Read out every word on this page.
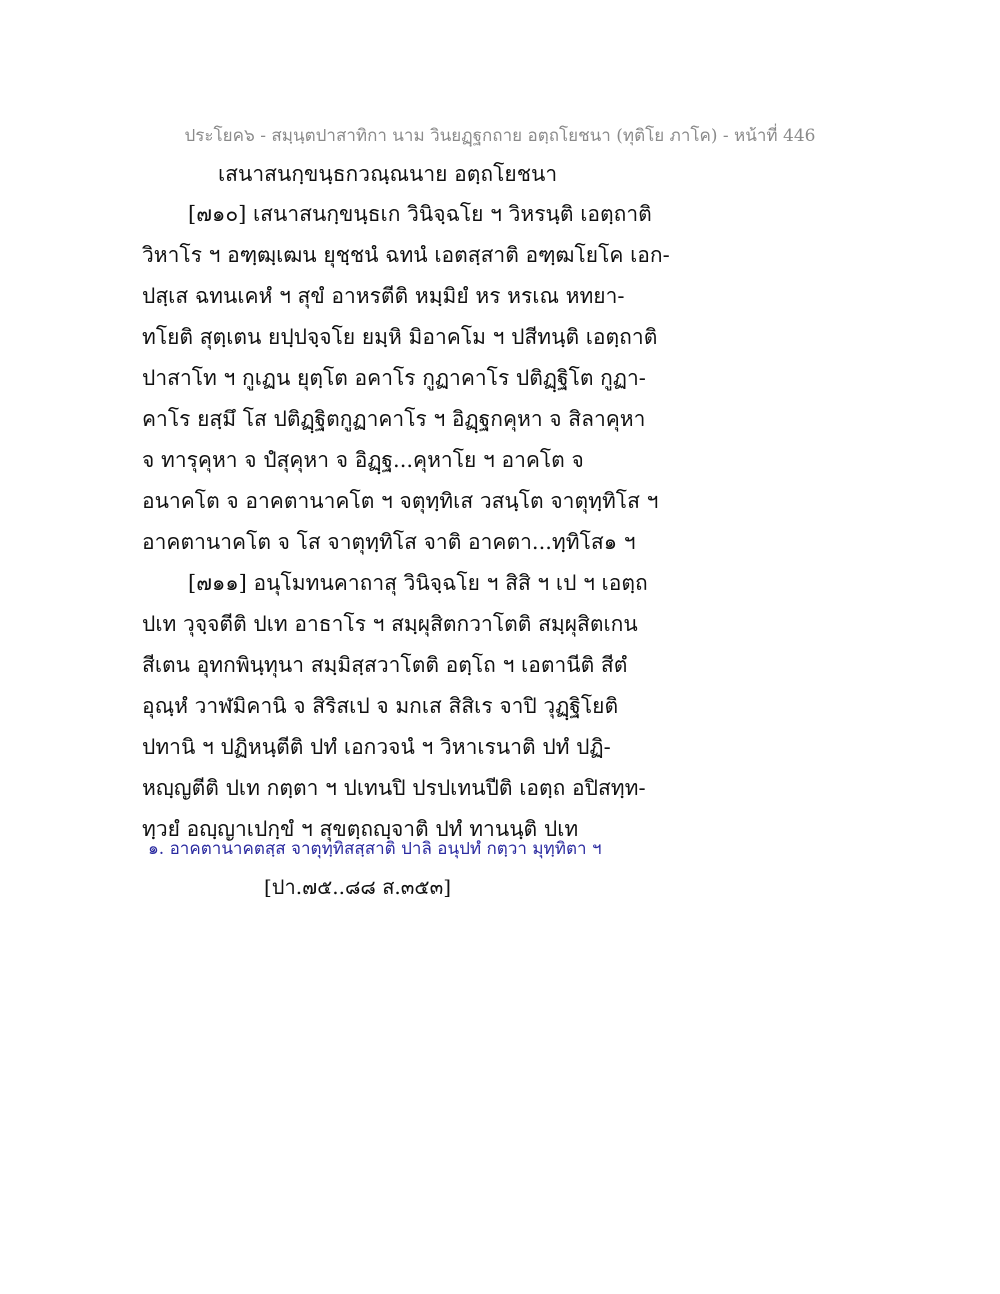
ประโยค๖ - สมฺนฺตปาสาทิกา นาม วินยฏฺฐกถาย อตฺถโยชนา (ทุติโย ภาโค) - หน้าที่ 446
เสนาสนกฺขนฺธกวณฺณนาย อตฺถโยชนา
[๗๑๐] เสนาสนกฺขนฺธเก วินิจฺฉโย ฯ วิหรนฺติ เอตฺถาติ
วิหาโร ฯ อฑฺฒฺเฒน ยุชฺชนํ ฉทนํ เอตสฺสาติ อฑฺฒโยโค เอก-
ปสฺเส ฉทนเคหํ ฯ สุขํ อาหรตีติ หมฺมิยํ หร หรเณ หทยา-
ทโยติ สุตฺเตน ยปฺปจฺจโย ยมฺหิ มิอาคโม ฯ ปสีทนฺติ เอตฺถาติ
ปาสาโท ฯ กูเฏน ยุตฺโต อคาโร กูฏาคาโร ปติฏฺฐิโต กูฏา-
คาโร ยสฺมึ โส ปติฏฺฐิตกูฏาคาโร ฯ อิฏฺฐกคุหา จ สิลาคุหา
จ ทารุคุหา จ ปํสุคุหา จ อิฏฺฐ...คุหาโย ฯ อาคโต จ
อนาคโต จ อาคตานาคโต ฯ จตุทฺทิเส วสนฺโต จาตุทฺทิโส ฯ
อาคตานาคโต จ โส จาตุทฺทิโส จาติ อาคตา...ทฺทิโส๑ ฯ
[๗๑๑] อนุโมทนคาถาสุ วินิจฺฉโย ฯ สิสิ ฯ เป ฯ เอตฺถ
ปเท วุจฺจตีติ ปเท อาธาโร ฯ สมฺผุสิตกวาโตติ สมฺผุสิตเกน
สีเตน อุทกพินฺทุนา สมฺมิสฺสวาโตติ อตฺโถ ฯ เอตานีติ สีตํ
อุณฺหํ วาฬมิคานิ จ สิริสเป จ มกเส สิสิเร จาปิ วุฏฺฐิโยติ
ปทานิ ฯ ปฏิหนฺตีติ ปทํ เอกวจนํ ฯ วิหาเรนาติ ปทํ ปฏิ-
หญฺญตีติ ปเท กตฺตา ฯ ปเทนปิ ปรปเทนปีติ เอตฺถ อปิสทฺท-
ทฺวยํ อญฺญาเปกฺขํ ฯ สุขตฺถญฺจาติ ปทํ ทานนฺติ ปเท
๑. อาคตานาคตสฺส จาตุทฺทิสสฺสาติ ปาลิ อนุปทํ กตฺวา มุทฺทิตา ฯ
[ปา.๗๕..๘๘ ส.๓๕๓]
